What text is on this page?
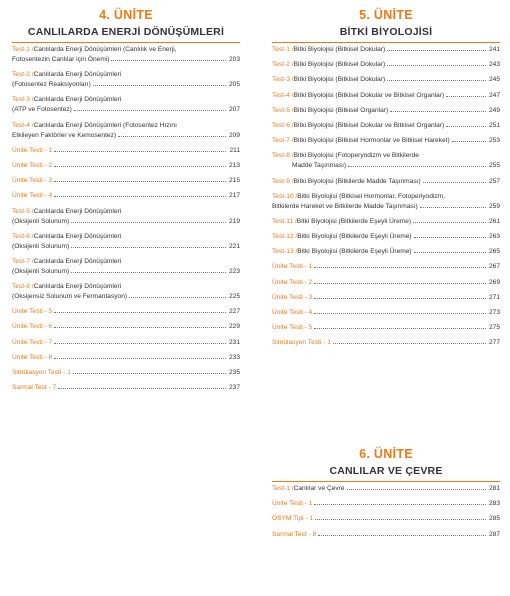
4. ÜNİTE
CANLILARDA ENERJİ DÖNÜŞÜMLERİ
Test-1 / Canlılarda Enerji Dönüşümleri (Canlılık ve Enerji,
Fotosentezin Canlılar için Önemi)	203
Test-2 / Canlılarda Enerji Dönüşümleri
(Fotosentez Reaksiyonları)	205
Test-3 / Canlılarda Enerji Dönüşümleri
(ATP ve Fotosentez)	207
Test-4 / Canlılarda Enerji Dönüşümleri (Fotosentez Hızını
Etkileyen Faktörler ve Kemosentez)	209
Ünite Testi - 1	211
Ünite Testi - 2	213
Ünite Testi - 3	215
Ünite Testi - 4	217
Test-5 / Canlılarda Enerji Dönüşümleri
(Oksijenli Solunum)	219
Test-6 / Canlılarda Enerji Dönüşümleri
(Oksijenli Solunum)	221
Test-7 / Canlılarda Enerji Dönüşümleri
(Oksijenli Solunum)	223
Test-8 / Canlılarda Enerji Dönüşümleri
(Oksijensiz Solunum ve Fermantasyon)	225
Ünite Testi - 5	227
Ünite Testi - 6	229
Ünite Testi - 7	231
Ünite Testi - 8	233
Simülasyon Testi - 1	235
Sarmal Test - 7	237
5. ÜNİTE
BİTKİ BİYOLOJİSİ
Test-1 / Bitki Biyolojisi (Bitkisel Dokular)	241
Test-2 / Bitki Biyolojisi (Bitkisel Dokular)	243
Test-3 / Bitki Biyolojisi (Bitkisel Dokular)	245
Test-4 / Bitki Biyolojisi (Bitkisel Dokular ve Bitkisel Organlar)	247
Test-5 / Bitki Biyolojisi (Bitkisel Organlar)	249
Test-6 / Bitki Biyolojisi (Bitkisel Dokular ve Bitkisel Organlar)	251
Test-7 / Bitki Biyolojisi (Bitkisel Hormonlar ve Bitkisel Hareket)	253
Test-8 / Bitki Biyolojisi (Fotoperyodizm ve Bitkilerde
Madde Taşınması)	255
Test-9 / Bitki Biyolojisi (Bitkilerde Madde Taşınması)	257
Test-10 / Bitki Biyolojisi (Bitkisel Hormonlar, Fotoperiyodizm,
Bitkilerde Hareket ve Bitkilerde Madde Taşınması)	259
Test-11 / Bitki Biyolojisi (Bitkilerde Eşeyli Üreme)	261
Test-12 / Bitki Biyolojisi (Bitkilerde Eşeyli Üreme)	263
Test-13 / Bitki Biyolojisi (Bitkilerde Eşeyli Üreme)	265
Ünite Testi - 1	267
Ünite Testi - 2	269
Ünite Testi - 3	271
Ünite Testi - 4	273
Ünite Testi - 5	275
Simülasyon Testi - 1	277
6. ÜNİTE
CANLILAR VE ÇEVRE
Test-1 / Canlılar ve Çevre	281
Ünite Testi - 1	283
ÖSYM Tipi - 1	285
Sarmal Test - 8	287
